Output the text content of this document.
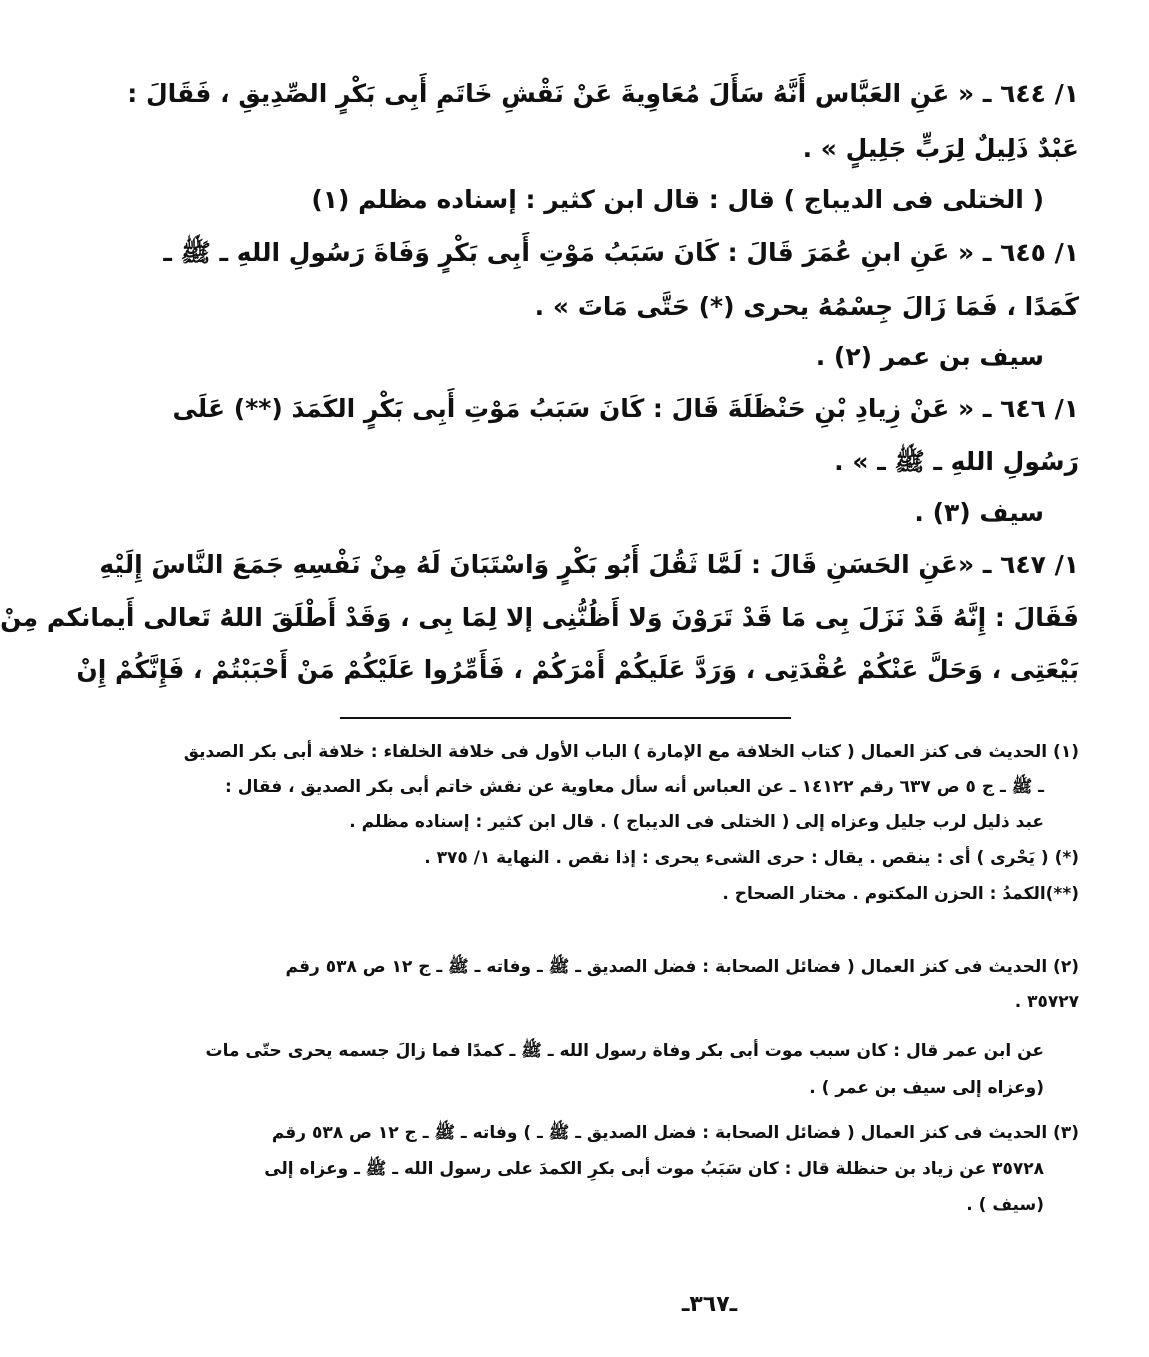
١/ ٦٤٤ ـ « عَنِ العَبَّاس أَنَّهُ سَأَلَ مُعَاوِيةَ عَنْ نَقْشِ خَاتَمِ أَبِى بَكْرٍ الصِّدِيقِ ، فَقَالَ :
عَبْدٌ ذَلِيلٌ لِرَبٍّ جَلِيلٍ » .
( الختلى فى الديباج ) قال : قال ابن كثير : إسناده مظلم (١)
١/ ٦٤٥ ـ « عَنِ ابنِ عُمَرَ قَالَ : كَانَ سَبَبُ مَوْتِ أَبِى بَكْرٍ وَفَاةَ رَسُولِ اللهِ ـ ﷺ ـ
كَمَدًا ، فَمَا زَالَ جِسْمُهُ يحرى (*) حَتَّى مَاتَ » .
سيف بن عمر (٢) .
١/ ٦٤٦ ـ « عَنْ زِيادِ بْنِ حَنْظَلَةَ قَالَ : كَانَ سَبَبُ مَوْتِ أَبِى بَكْرٍ الكَمَدَ (**) عَلَى
رَسُولِ اللهِ ـ ﷺ ـ » .
سيف (٣) .
١/ ٦٤٧ ـ «عَنِ الحَسَنِ قَالَ : لَمَّا ثَقُلَ أَبُو بَكْرٍ وَاسْتَبَانَ لَهُ مِنْ نَفْسِهِ جَمَعَ النَّاسَ إِلَيْهِ
فَقَالَ : إِنَّهُ قَدْ نَزَلَ بِى مَا قَدْ تَرَوْنَ وَلا أَظُنُّنِى إلا لِمَا بِى ، وَقَدْ أَطْلَقَ اللهُ تَعالى أَيمانكم مِنْ
بَيْعَتِى ، وَحَلَّ عَنْكُمْ عُقْدَتِى ، وَرَدَّ عَلَيكُمْ أَمْرَكُمْ ، فَأَمِّرُوا عَلَيْكُمْ مَنْ أَحْبَبْتُمْ ، فَإِنَّكُمْ إِنْ
(١) الحديث فى كنز العمال ( كتاب الخلافة مع الإمارة ) الباب الأول فى خلافة الخلفاء : خلافة أبى بكر الصديق
ـ ﷺ ـ ج ٥ ص ٦٣٧ رقم ١٤١٢٢ ـ عن العباس أنه سأل معاوية عن نقش خاتم أبى بكر الصديق ، فقال :
عبد ذليل لرب جليل وعزاه إلى ( الختلى فى الديباج ) . قال ابن كثير : إسناده مظلم .
(*) ( يَحْرى ) أى : ينقص . يقال : حرى الشىء يحرى : إذا نقص . النهاية ١/ ٣٧٥ .
(**)الكمدُ : الحزن المكتوم . مختار الصحاح .
(٢) الحديث فى كنز العمال ( فضائل الصحابة : فضل الصديق ـ ﷺ ـ وفاته ـ ﷺ ـ ج ١٢ ص ٥٣٨ رقم
٣٥٧٢٧ .
عن ابن عمر قال : كان سبب موت أبى بكر وفاة رسول الله ـ ﷺ ـ كمدًا فما زالَ جسمه يحرى حتّى مات
(وعزاه إلى سيف بن عمر ) .
(٣) الحديث فى كنز العمال ( فضائل الصحابة : فضل الصديق ـ ﷺ ـ ) وفاته ـ ﷺ ـ ج ١٢ ص ٥٣٨ رقم
٣٥٧٢٨ عن زياد بن حنظلة قال : كان سَبَبُ موت أبى بكرِ الكمدَ على رسول الله ـ ﷺ ـ وعزاه إلى
(سيف ) .
ـ٣٦٧ـ
